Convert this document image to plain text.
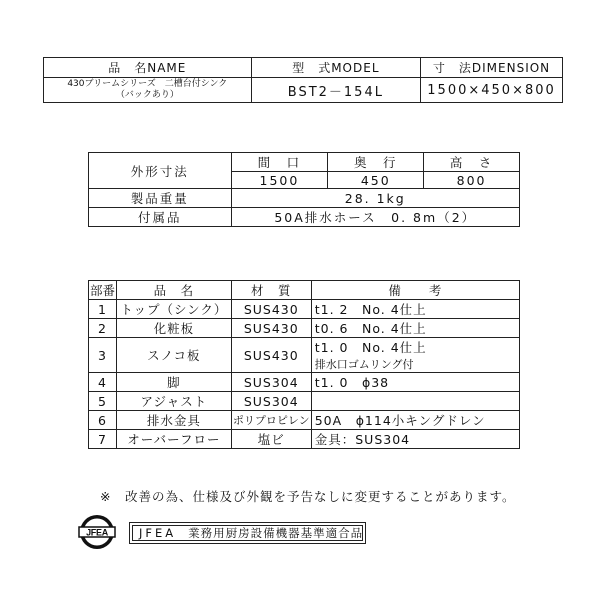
品　名NAME	型　式MODEL	寸　法DIMENSION

430ブリームシリーズ　二槽台付シンク
（バックあり）	BST2－154L	1500×450×800
外形寸法	間　口	奥　行	高　さ
	1500	450	800
製品重量	28. 1kg		
付属品	50A排水ホース　0. 8m（2）		
部番	品　名	材　質	備　　考
1	トップ（シンク）	SUS430	t1. 2　No. 4仕上
2	化粧板	SUS430	t0. 6　No. 4仕上
3	スノコ板	SUS430	t1. 0　No. 4仕上
排水口ゴムリング付

4	脚	SUS304	t1. 0　ϕ38
5	アジャスト	SUS304	
6	排水金具	ポリプロピレン	50A　ϕ114小キングドレン
7	オーバーフロー	塩ビ	金具：SUS304
※　改善の為、仕様及び外観を予告なしに変更することがあります。
JFEA	JFEA 業務用厨房設備機器基準適合品
